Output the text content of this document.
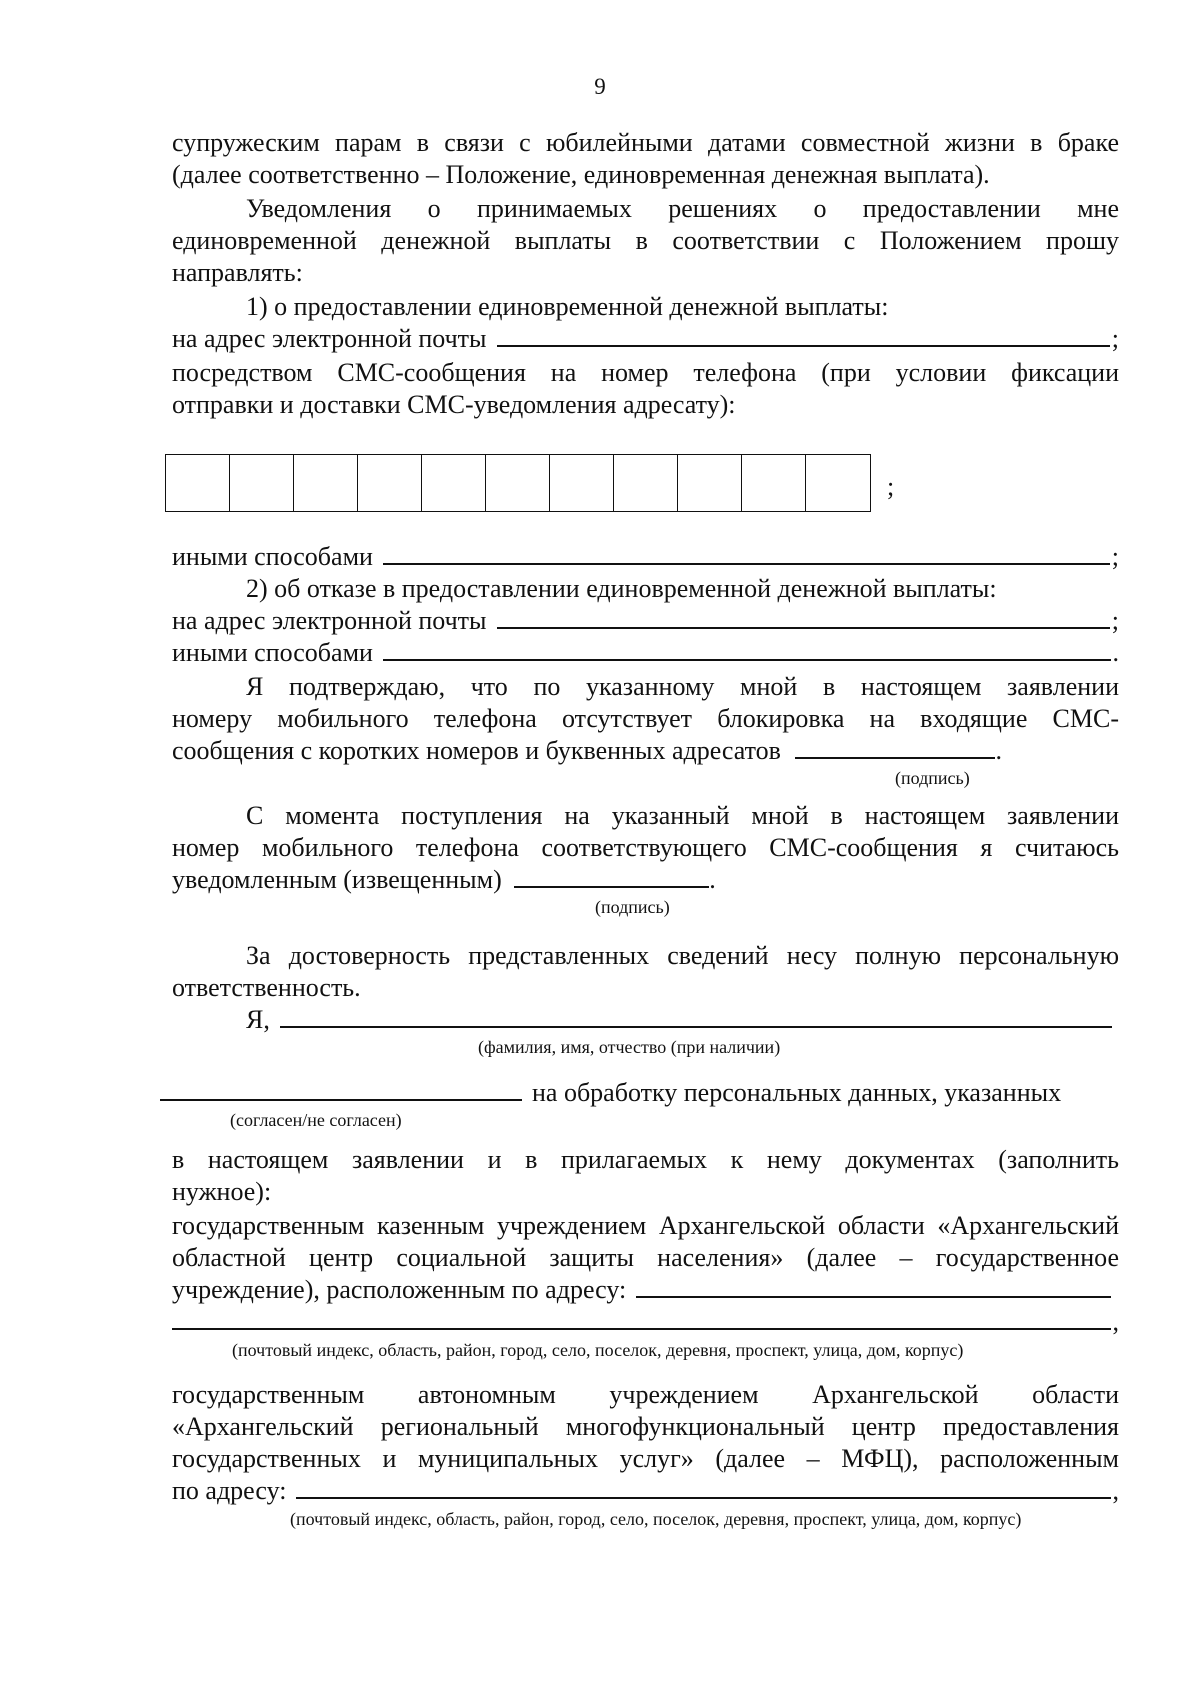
9
супружеским парам в связи с юбилейными датами совместной жизни в браке
(далее соответственно – Положение, единовременная денежная выплата).
Уведомления о принимаемых решениях о предоставлении мне
единовременной денежной выплаты в соответствии с Положением прошу
направлять:
1) о предоставлении единовременной денежной выплаты:
на адрес электронной почты	;
посредством СМС-сообщения на номер телефона (при условии фиксации
отправки и доставки СМС-уведомления адресату):
;
иными способами	;
2) об отказе в предоставлении единовременной денежной выплаты:
на адрес электронной почты	;
иными способами	.
Я подтверждаю, что по указанному мной в настоящем заявлении
номеру мобильного телефона отсутствует блокировка на входящие СМС-
сообщения с коротких номеров и буквенных адресатов	.
(подпись)
С момента поступления на указанный мной в настоящем заявлении
номер мобильного телефона соответствующего СМС-сообщения я считаюсь
уведомленным (извещенным)	.
(подпись)
За достоверность представленных сведений несу полную персональную
ответственность.
Я,
(фамилия, имя, отчество (при наличии)
на обработку персональных данных, указанных
(согласен/не согласен)
в настоящем заявлении и в прилагаемых к нему документах (заполнить
нужное):
государственным казенным учреждением Архангельской области «Архангельский
областной центр социальной защиты населения» (далее – государственное
учреждение), расположенным по адресу:
,
(почтовый индекс, область, район, город, село, поселок, деревня, проспект, улица, дом, корпус)
государственным автономным учреждением Архангельской области
«Архангельский региональный многофункциональный центр предоставления
государственных и муниципальных услуг» (далее – МФЦ), расположенным
по адресу:	,
(почтовый индекс, область, район, город, село, поселок, деревня, проспект, улица, дом, корпус)
